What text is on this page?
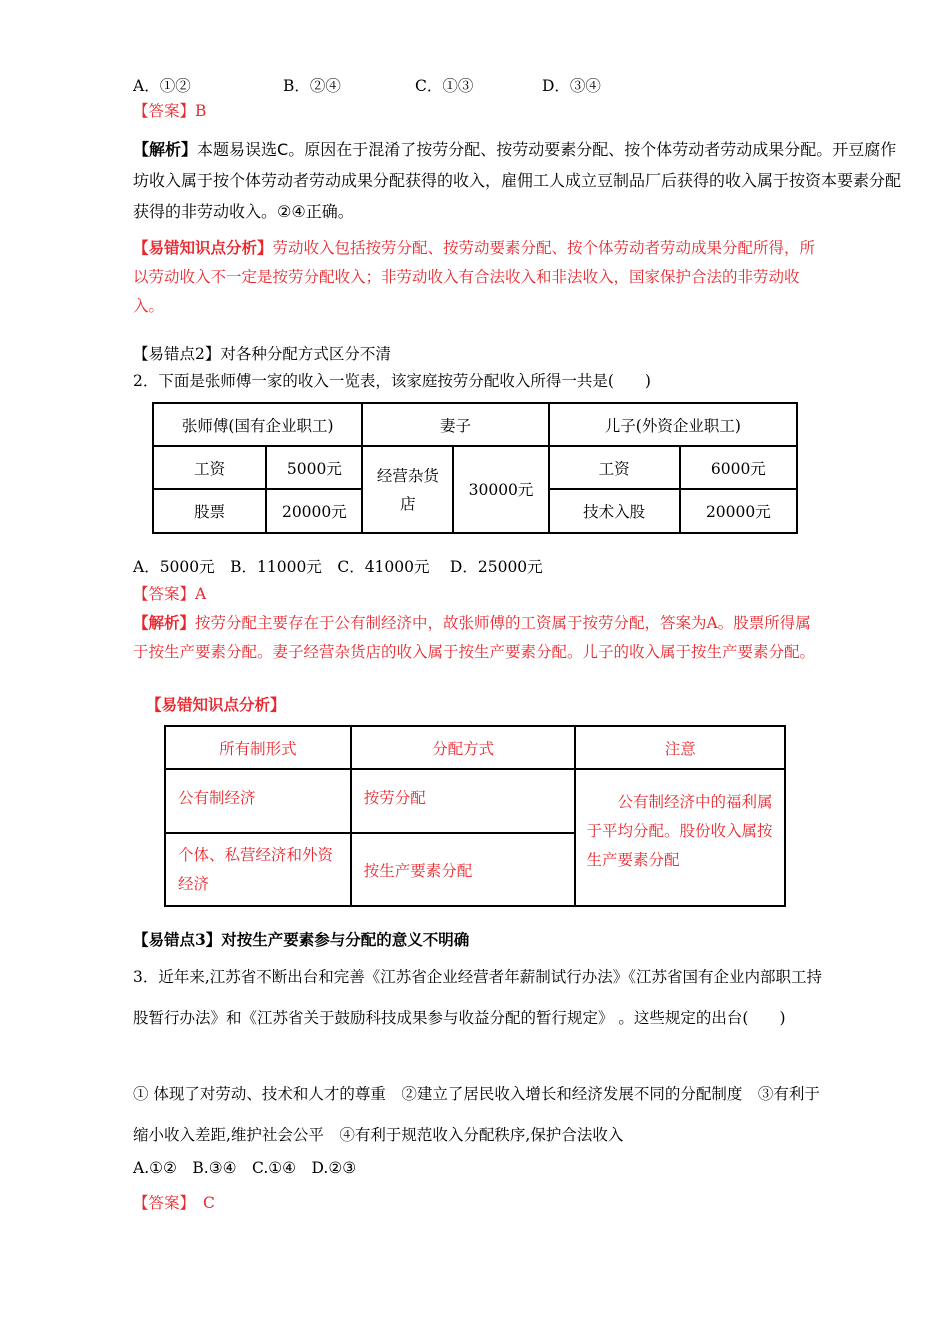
A．①②	B．②④	C．①③	D．③④
【答案】B
【解析】本题易误选C。原因在于混淆了按劳分配、按劳动要素分配、按个体劳动者劳动成果分配。开豆腐作坊收入属于按个体劳动者劳动成果分配获得的收入，雇佣工人成立豆制品厂后获得的收入属于按资本要素分配获得的非劳动收入。②④正确。
【易错知识点分析】劳动收入包括按劳分配、按劳动要素分配、按个体劳动者劳动成果分配所得，所以劳动收入不一定是按劳分配收入；非劳动收入有合法收入和非法收入，国家保护合法的非劳动收入。
【易错点2】对各种分配方式区分不清
2．下面是张师傅一家的收入一览表，该家庭按劳分配收入所得一共是(　　)
张师傅(国有企业职工)		妻子		儿子(外资企业职工)	
工资	5000元	经营杂货店	30000元	工资	6000元
股票	20000元			技术入股	20000元
A．5000元　B．11000元　C．41000元　 D．25000元
【答案】A
【解析】按劳分配主要存在于公有制经济中，故张师傅的工资属于按劳分配，答案为A。股票所得属于按生产要素分配。妻子经营杂货店的收入属于按生产要素分配。儿子的收入属于按生产要素分配。
【易错知识点分析】
所有制形式	分配方式	注意
公有制经济	按劳分配	公有制经济中的福利属于平均分配。股份收入属按生产要素分配
个体、私营经济和外资经济	按生产要素分配	
【易错点3】对按生产要素参与分配的意义不明确
3．近年来,江苏省不断出台和完善《江苏省企业经营者年薪制试行办法》《江苏省国有企业内部职工持股暂行办法》和《江苏省关于鼓励科技成果参与收益分配的暂行规定》 。这些规定的出台(　　)
① 体现了对劳动、技术和人才的尊重　②建立了居民收入增长和经济发展不同的分配制度　③有利于缩小收入差距,维护社会公平　④有利于规范收入分配秩序,保护合法收入
A.①②　B.③④　C.①④　D.②③
【答案】 C
